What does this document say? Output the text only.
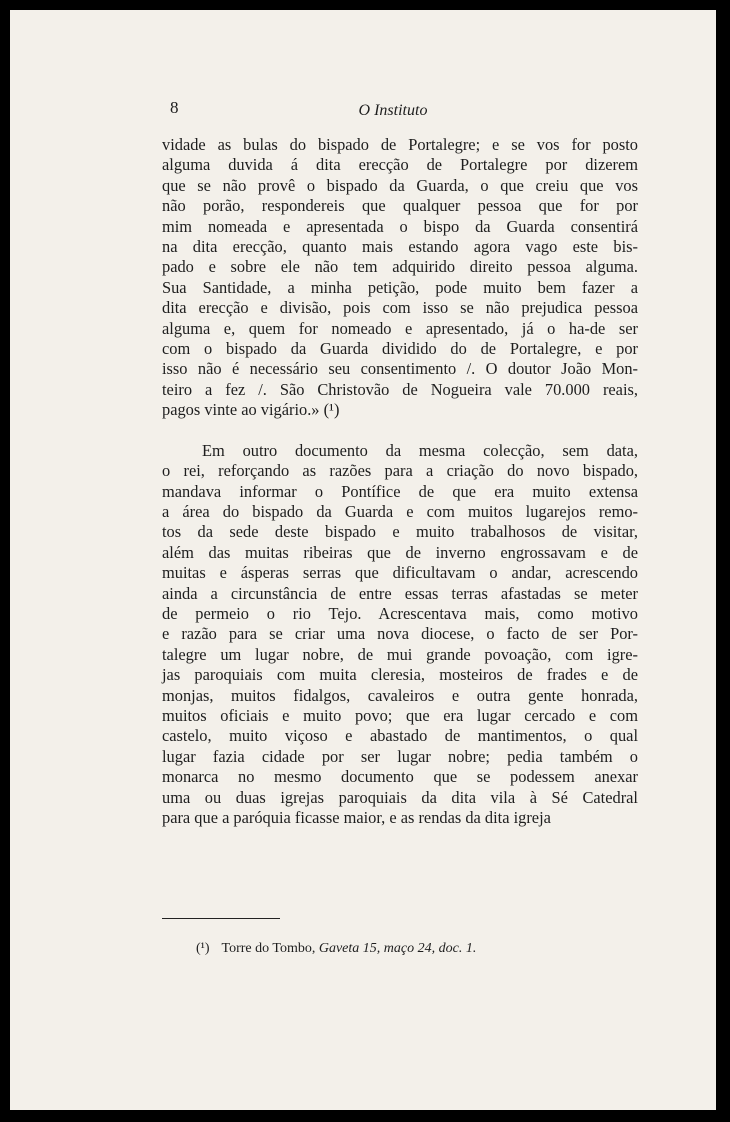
8	O Instituto

vidade as bulas do bispado de Portalegre; e se vos for posto
alguma duvida á dita erecção de Portalegre por dizerem
que se não provê o bispado da Guarda, o que creiu que vos
não porão, respondereis que qualquer pessoa que for por
mim nomeada e apresentada o bispo da Guarda consentirá
na dita erecção, quanto mais estando agora vago este bis-
pado e sobre ele não tem adquirido direito pessoa alguma.
Sua Santidade, a minha petição, pode muito bem fazer a
dita erecção e divisão, pois com isso se não prejudica pessoa
alguma e, quem for nomeado e apresentado, já o ha-de ser
com o bispado da Guarda dividido do de Portalegre, e por
isso não é necessário seu consentimento /. O doutor João Mon-
teiro a fez /. São Christovão de Nogueira vale 70.000 reais,
pagos vinte ao vigário.» (¹)

Em outro documento da mesma colecção, sem data,
o rei, reforçando as razões para a criação do novo bispado,
mandava informar o Pontífice de que era muito extensa
a área do bispado da Guarda e com muitos lugarejos remo-
tos da sede deste bispado e muito trabalhosos de visitar,
além das muitas ribeiras que de inverno engrossavam e de
muitas e ásperas serras que dificultavam o andar, acrescendo
ainda a circunstância de entre essas terras afastadas se meter
de permeio o rio Tejo. Acrescentava mais, como motivo
e razão para se criar uma nova diocese, o facto de ser Por-
talegre um lugar nobre, de mui grande povoação, com igre-
jas paroquiais com muita cleresia, mosteiros de frades e de
monjas, muitos fidalgos, cavaleiros e outra gente honrada,
muitos oficiais e muito povo; que era lugar cercado e com
castelo, muito viçoso e abastado de mantimentos, o qual
lugar fazia cidade por ser lugar nobre; pedia também o
monarca no mesmo documento que se podessem anexar
uma ou duas igrejas paroquiais da dita vila à Sé Catedral
para que a paróquia ficasse maior, e as rendas da dita igreja

(¹) Torre do Tombo, Gaveta 15, maço 24, doc. 1.
